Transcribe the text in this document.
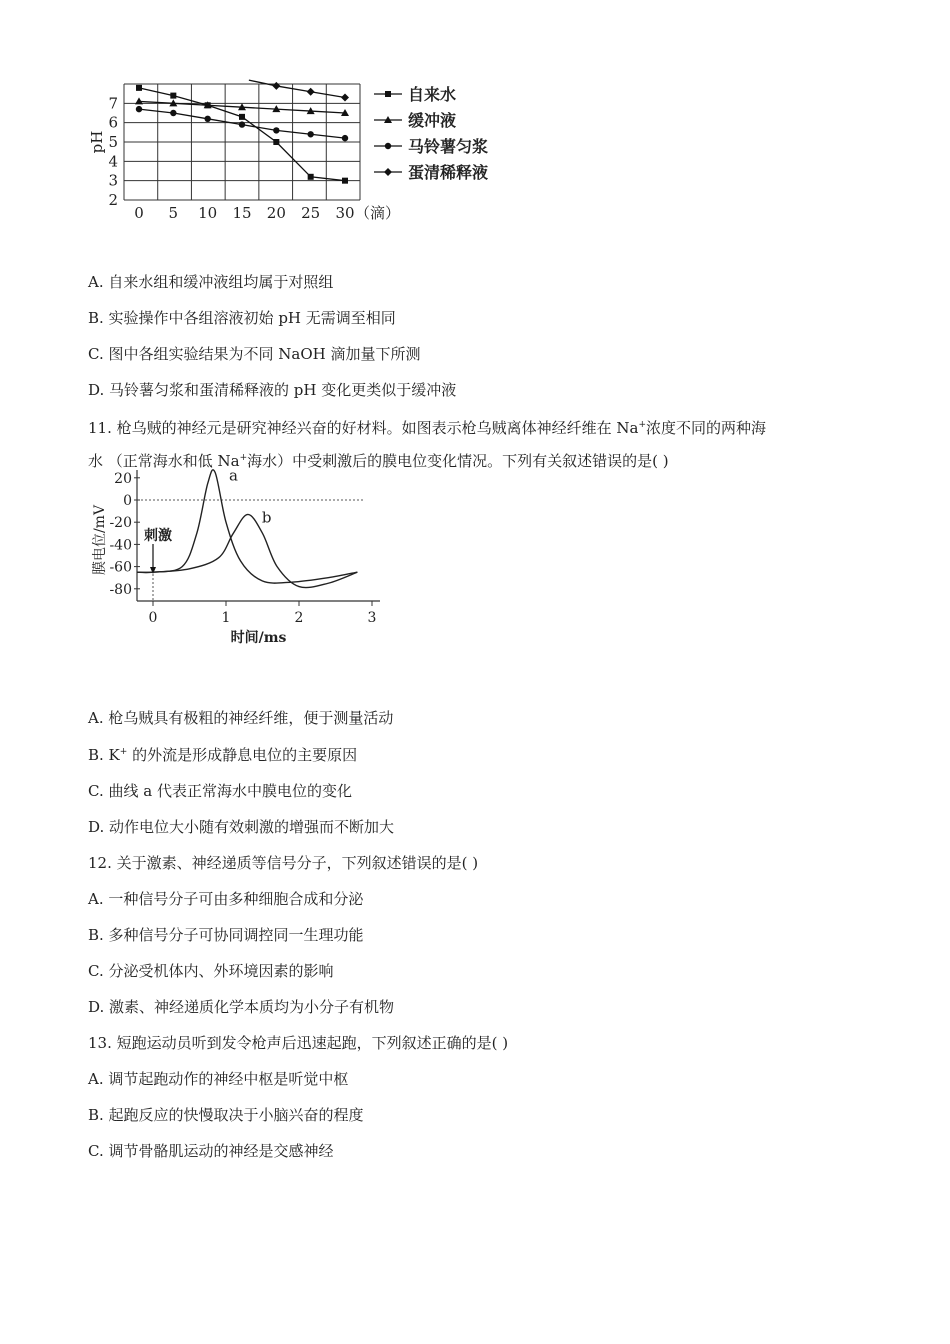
2
3
4
5
6
7
pH
0 5 10 15 20 25 30 （滴）
自来水
缓冲液
马铃薯匀浆
蛋清稀释液
A. 自来水组和缓冲液组均属于对照组
B. 实验操作中各组溶液初始 pH 无需调至相同
C. 图中各组实验结果为不同 NaOH 滴加量下所测
D. 马铃薯匀浆和蛋清稀释液的 pH 变化更类似于缓冲液
11. 枪乌贼的神经元是研究神经兴奋的好材料。如图表示枪乌贼离体神经纤维在 Na+浓度不同的两种海
水 （正常海水和低 Na+海水）中受刺激后的膜电位变化情况。下列有关叙述错误的是( )
20
0
-20
-40
-60
-80
0	1	2	3
膜电位/mV
时间/ms
刺激
a
b
A. 枪乌贼具有极粗的神经纤维，便于测量活动
B. K+ 的外流是形成静息电位的主要原因
C. 曲线 a 代表正常海水中膜电位的变化
D. 动作电位大小随有效刺激的增强而不断加大
12. 关于激素、神经递质等信号分子，下列叙述错误的是( )
A. 一种信号分子可由多种细胞合成和分泌
B. 多种信号分子可协同调控同一生理功能
C. 分泌受机体内、外环境因素的影响
D. 激素、神经递质化学本质均为小分子有机物
13. 短跑运动员听到发令枪声后迅速起跑，下列叙述正确的是( )
A. 调节起跑动作的神经中枢是听觉中枢
B. 起跑反应的快慢取决于小脑兴奋的程度
C. 调节骨骼肌运动的神经是交感神经
